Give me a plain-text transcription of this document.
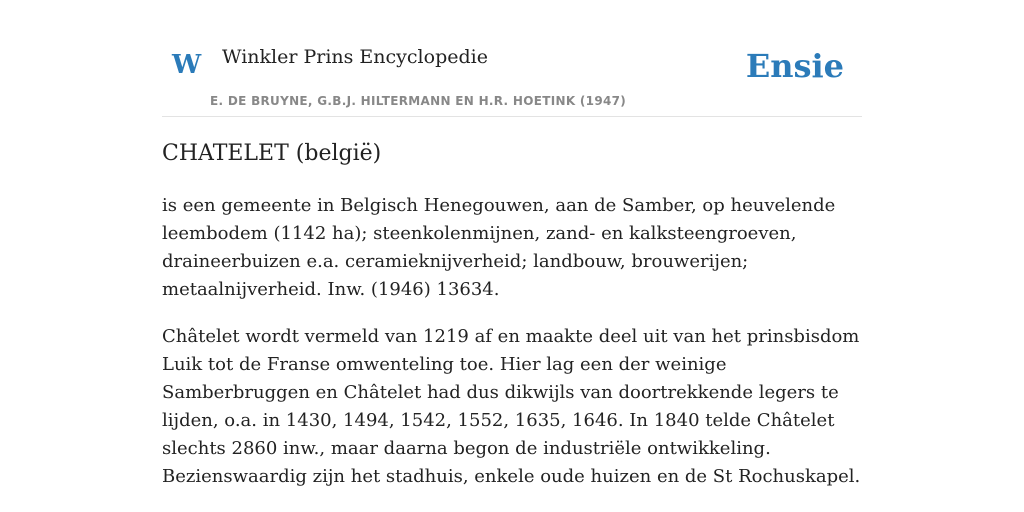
W Winkler Prins Encyclopedie
E. DE BRUYNE, G.B.J. HILTERMANN EN H.R. HOETINK (1947)
Ensie
CHATELET (belgië)

is een gemeente in Belgisch Henegouwen, aan de Samber, op heuvelende leembodem (1142 ha); steenkolenmijnen, zand- en kalksteengroeven, draineerbuizen e.a. ceramieknijverheid; landbouw, brouwerijen; metaalnijverheid. Inw. (1946) 13634.

Châtelet wordt vermeld van 1219 af en maakte deel uit van het prinsbisdom Luik tot de Franse omwenteling toe. Hier lag een der weinige Samberbruggen en Châtelet had dus dikwijls van doortrekkende legers te lijden, o.a. in 1430, 1494, 1542, 1552, 1635, 1646. In 1840 telde Châtelet slechts 2860 inw., maar daarna begon de industriële ontwikkeling. Bezienswaardig zijn het stadhuis, enkele oude huizen en de St Rochuskapel.
